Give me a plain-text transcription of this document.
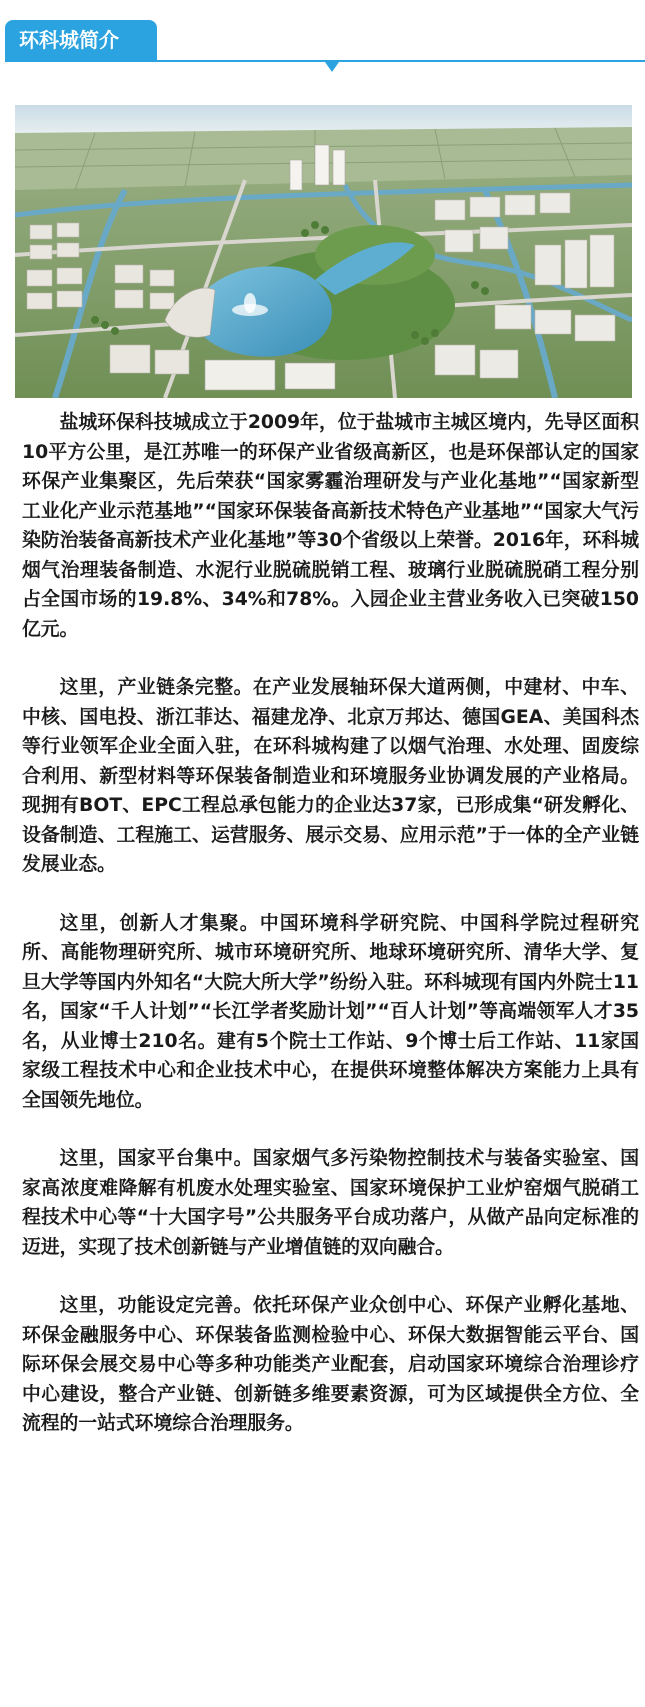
环科城简介

盐城环保科技城成立于2009年，位于盐城市主城区境内，先导区面积10平方公里，是江苏唯一的环保产业省级高新区，也是环保部认定的国家环保产业集聚区，先后荣获“国家雾霾治理研发与产业化基地”“国家新型工业化产业示范基地”“国家环保装备高新技术特色产业基地”“国家大气污染防治装备高新技术产业化基地”等30个省级以上荣誉。2016年，环科城烟气治理装备制造、水泥行业脱硫脱销工程、玻璃行业脱硫脱硝工程分别占全国市场的19.8%、34%和78%。入园企业主营业务收入已突破150亿元。

这里，产业链条完整。在产业发展轴环保大道两侧，中建材、中车、中核、国电投、浙江菲达、福建龙净、北京万邦达、德国GEA、美国科杰等行业领军企业全面入驻，在环科城构建了以烟气治理、水处理、固废综合利用、新型材料等环保装备制造业和环境服务业协调发展的产业格局。现拥有BOT、EPC工程总承包能力的企业达37家，已形成集“研发孵化、设备制造、工程施工、运营服务、展示交易、应用示范”于一体的全产业链发展业态。

这里，创新人才集聚。中国环境科学研究院、中国科学院过程研究所、高能物理研究所、城市环境研究所、地球环境研究所、清华大学、复旦大学等国内外知名“大院大所大学”纷纷入驻。环科城现有国内外院士11名，国家“千人计划”“长江学者奖励计划”“百人计划”等高端领军人才35名，从业博士210名。建有5个院士工作站、9个博士后工作站、11家国家级工程技术中心和企业技术中心，在提供环境整体解决方案能力上具有全国领先地位。

这里，国家平台集中。国家烟气多污染物控制技术与装备实验室、国家高浓度难降解有机废水处理实验室、国家环境保护工业炉窑烟气脱硝工程技术中心等“十大国字号”公共服务平台成功落户，从做产品向定标准的迈进，实现了技术创新链与产业增值链的双向融合。

这里，功能设定完善。依托环保产业众创中心、环保产业孵化基地、环保金融服务中心、环保装备监测检验中心、环保大数据智能云平台、国际环保会展交易中心等多种功能类产业配套，启动国家环境综合治理诊疗中心建设，整合产业链、创新链多维要素资源，可为区域提供全方位、全流程的一站式环境综合治理服务。
